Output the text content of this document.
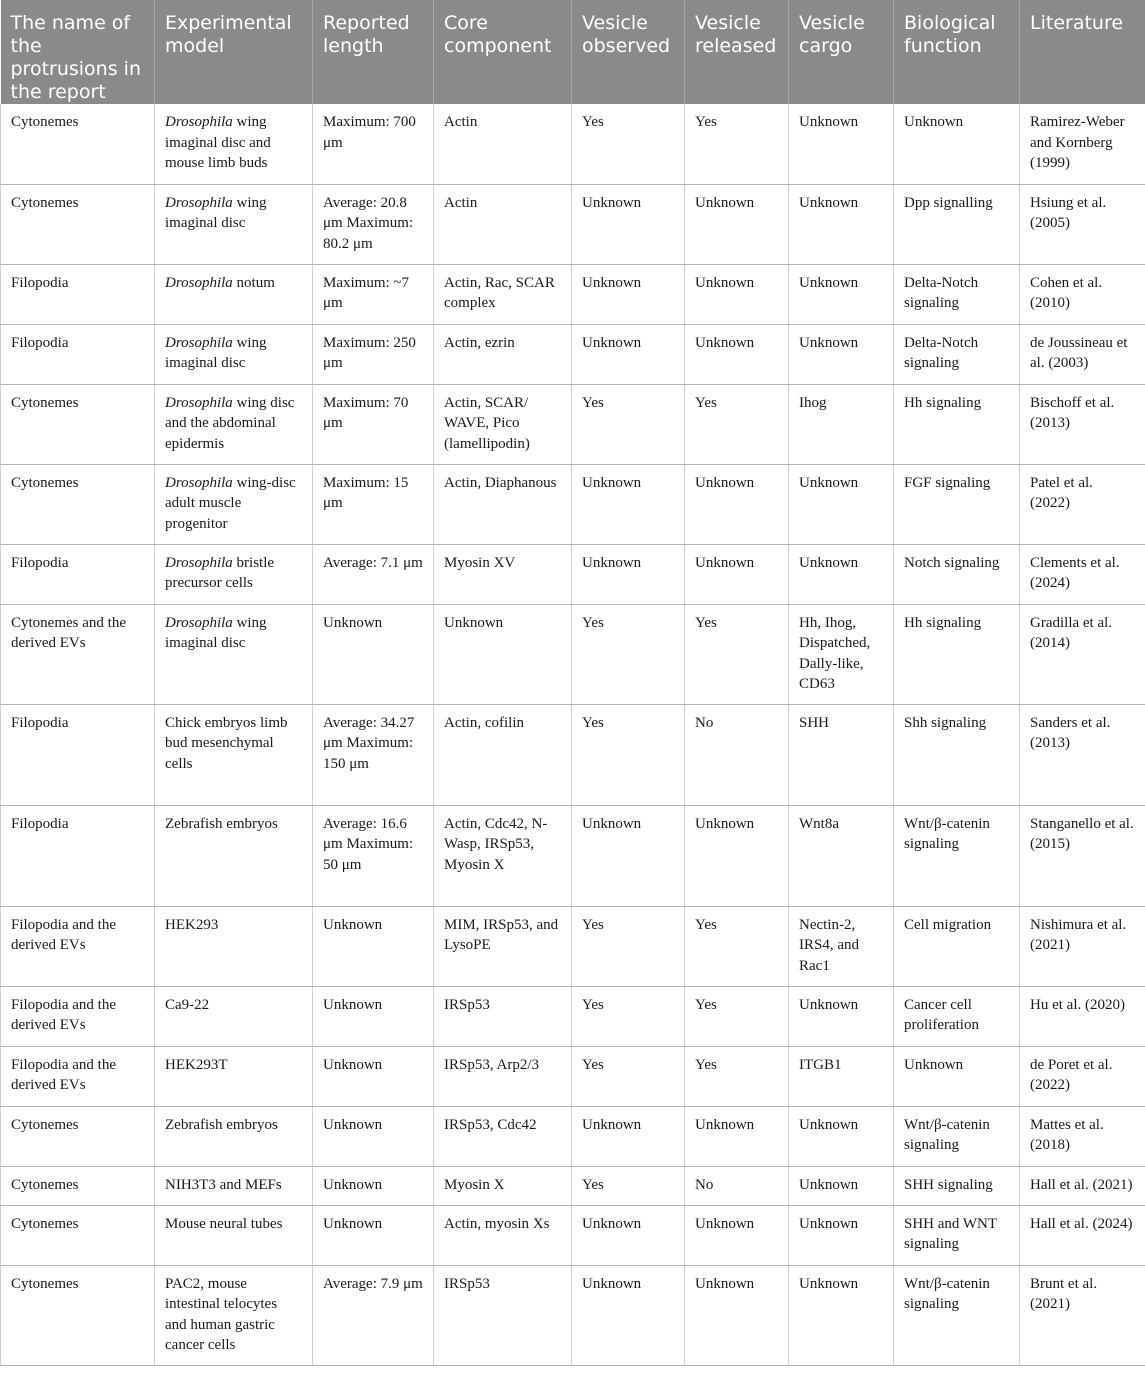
The name of the protrusions in the report	Experimental model	Reported length	Core component	Vesicle observed	Vesicle released	Vesicle cargo	Biological function	Literature
Cytonemes	Drosophila wing imaginal disc and mouse limb buds	Maximum: 700 μm	Actin	Yes	Yes	Unknown	Unknown	Ramirez-Weber and Kornberg (1999)
Cytonemes	Drosophila wing imaginal disc	Average: 20.8 μm Maximum: 80.2 μm	Actin	Unknown	Unknown	Unknown	Dpp signalling	Hsiung et al. (2005)
Filopodia	Drosophila notum	Maximum: ~7 μm	Actin, Rac, SCAR complex	Unknown	Unknown	Unknown	Delta-Notch signaling	Cohen et al. (2010)
Filopodia	Drosophila wing imaginal disc	Maximum: 250 μm	Actin, ezrin	Unknown	Unknown	Unknown	Delta-Notch signaling	de Joussineau et al. (2003)
Cytonemes	Drosophila wing disc and the abdominal epidermis	Maximum: 70 μm	Actin, SCAR/ WAVE, Pico (lamellipodin)	Yes	Yes	Ihog	Hh signaling	Bischoff et al. (2013)
Cytonemes	Drosophila wing-disc adult muscle progenitor	Maximum: 15 μm	Actin, Diaphanous	Unknown	Unknown	Unknown	FGF signaling	Patel et al. (2022)
Filopodia	Drosophila bristle precursor cells	Average: 7.1 μm	Myosin XV	Unknown	Unknown	Unknown	Notch signaling	Clements et al. (2024)
Cytonemes and the derived EVs	Drosophila wing imaginal disc	Unknown	Unknown	Yes	Yes	Hh, Ihog, Dispatched, Dally-like, CD63	Hh signaling	Gradilla et al. (2014)
Filopodia	Chick embryos limb bud mesenchymal cells	Average: 34.27 μm Maximum: 150 μm	Actin, cofilin	Yes	No	SHH	Shh signaling	Sanders et al. (2013)
Filopodia	Zebrafish embryos	Average: 16.6 μm Maximum: 50 μm	Actin, Cdc42, N-Wasp, IRSp53, Myosin X	Unknown	Unknown	Wnt8a	Wnt/β-catenin signaling	Stanganello et al. (2015)
Filopodia and the derived EVs	HEK293	Unknown	MIM, IRSp53, and LysoPE	Yes	Yes	Nectin-2, IRS4, and Rac1	Cell migration	Nishimura et al. (2021)
Filopodia and the derived EVs	Ca9-22	Unknown	IRSp53	Yes	Yes	Unknown	Cancer cell proliferation	Hu et al. (2020)
Filopodia and the derived EVs	HEK293T	Unknown	IRSp53, Arp2/3	Yes	Yes	ITGB1	Unknown	de Poret et al. (2022)
Cytonemes	Zebrafish embryos	Unknown	IRSp53, Cdc42	Unknown	Unknown	Unknown	Wnt/β-catenin signaling	Mattes et al. (2018)
Cytonemes	NIH3T3 and MEFs	Unknown	Myosin X	Yes	No	Unknown	SHH signaling	Hall et al. (2021)
Cytonemes	Mouse neural tubes	Unknown	Actin, myosin Xs	Unknown	Unknown	Unknown	SHH and WNT signaling	Hall et al. (2024)
Cytonemes	PAC2, mouse intestinal telocytes and human gastric cancer cells	Average: 7.9 μm	IRSp53	Unknown	Unknown	Unknown	Wnt/β-catenin signaling	Brunt et al. (2021)
